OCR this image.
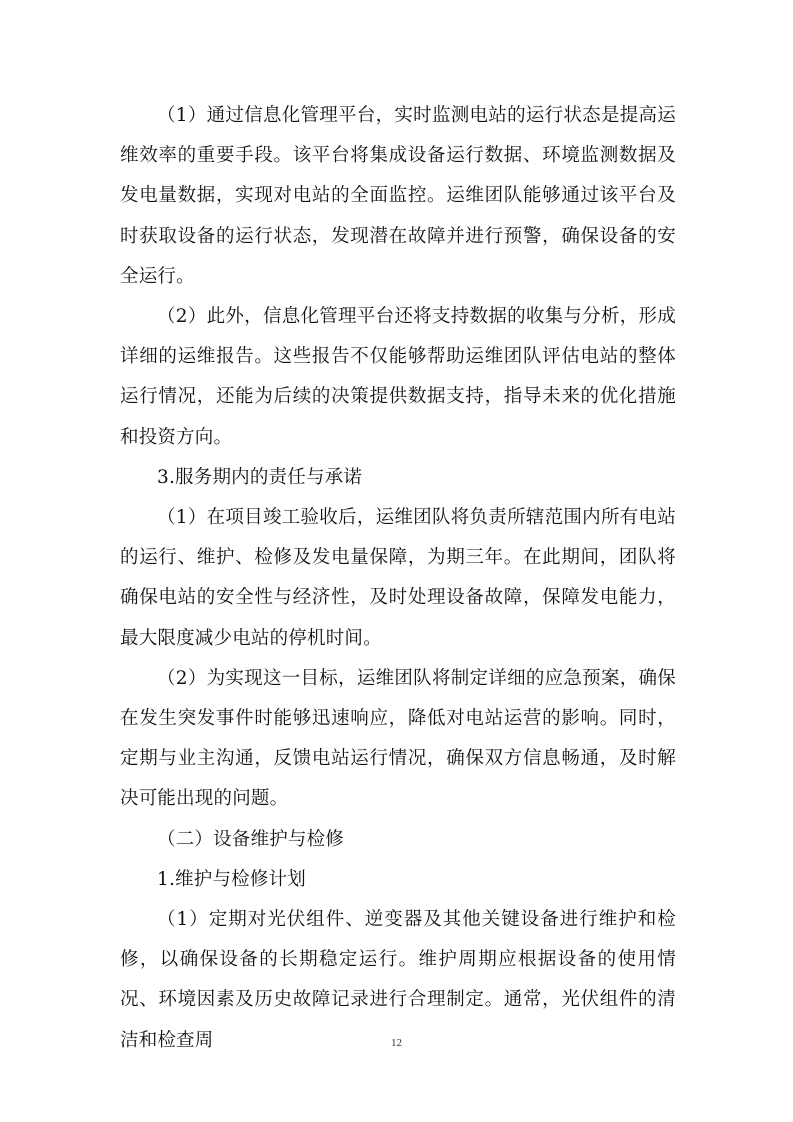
（1）通过信息化管理平台，实时监测电站的运行状态是提高运维效率的重要手段。该平台将集成设备运行数据、环境监测数据及发电量数据，实现对电站的全面监控。运维团队能够通过该平台及时获取设备的运行状态，发现潜在故障并进行预警，确保设备的安全运行。

（2）此外，信息化管理平台还将支持数据的收集与分析，形成详细的运维报告。这些报告不仅能够帮助运维团队评估电站的整体运行情况，还能为后续的决策提供数据支持，指导未来的优化措施和投资方向。

3.服务期内的责任与承诺

（1）在项目竣工验收后，运维团队将负责所辖范围内所有电站的运行、维护、检修及发电量保障，为期三年。在此期间，团队将确保电站的安全性与经济性，及时处理设备故障，保障发电能力，最大限度减少电站的停机时间。

（2）为实现这一目标，运维团队将制定详细的应急预案，确保在发生突发事件时能够迅速响应，降低对电站运营的影响。同时，定期与业主沟通，反馈电站运行情况，确保双方信息畅通，及时解决可能出现的问题。

（二）设备维护与检修

1.维护与检修计划

（1）定期对光伏组件、逆变器及其他关键设备进行维护和检修，以确保设备的长期稳定运行。维护周期应根据设备的使用情况、环境因素及历史故障记录进行合理制定。通常，光伏组件的清洁和检查周	12
